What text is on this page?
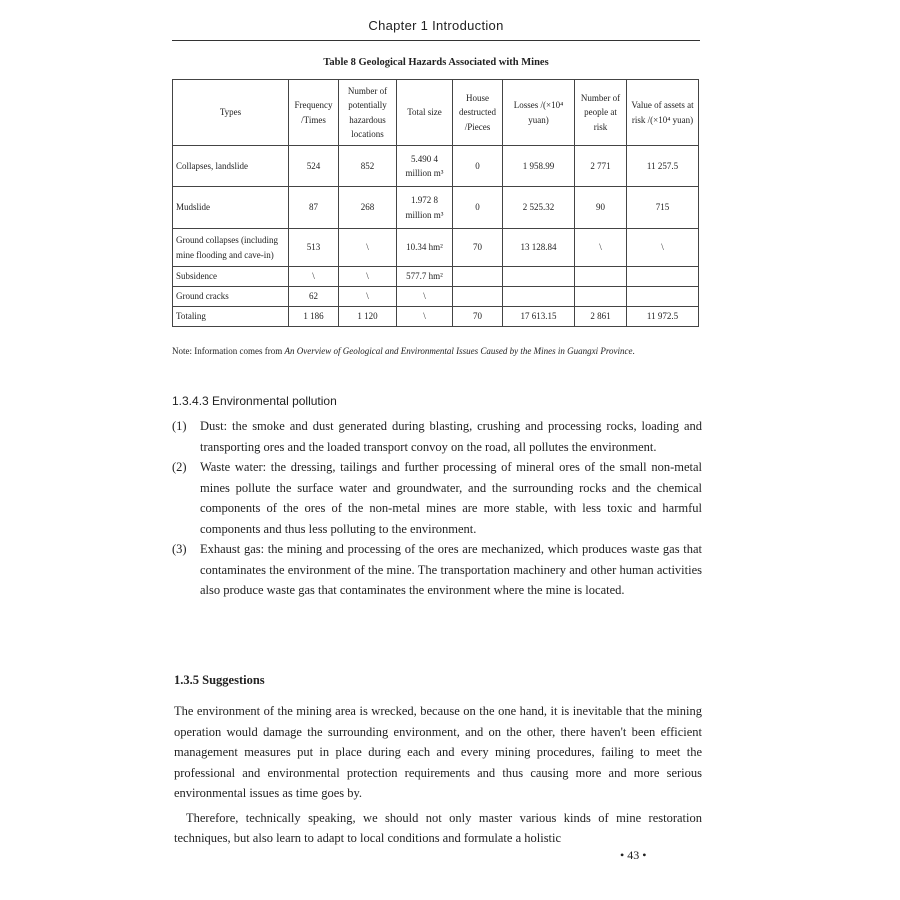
Chapter 1 Introduction
Table 8 Geological Hazards Associated with Mines
Types	Frequency /Times	Number of potentially hazardous locations	Total size	House destructed /Pieces	Losses /(×10⁴ yuan)	Number of people at risk	Value of assets at risk /(×10⁴ yuan)
Collapses, landslide	524	852	5.490 4 million m³	0	1 958.99	2 771	11 257.5
Mudslide	87	268	1.972 8 million m³	0	2 525.32	90	715
Ground collapses (including mine flooding and cave-in)	513	\	10.34 hm²	70	13 128.84	\	\
Subsidence	\	\	577.7 hm²				
Ground cracks	62	\	\				
Totaling	1 186	1 120	\	70	17 613.15	2 861	11 972.5
Note: Information comes from An Overview of Geological and Environmental Issues Caused by the Mines in Guangxi Province.
1.3.4.3 Environmental pollution
(1) Dust: the smoke and dust generated during blasting, crushing and processing rocks, loading and transporting ores and the loaded transport convoy on the road, all pollutes the environment.
(2) Waste water: the dressing, tailings and further processing of mineral ores of the small non-metal mines pollute the surface water and groundwater, and the surrounding rocks and the chemical components of the ores of the non-metal mines are more stable, with less toxic and harmful components and thus less polluting to the environment.
(3) Exhaust gas: the mining and processing of the ores are mechanized, which produces waste gas that contaminates the environment of the mine. The transportation machinery and other human activities also produce waste gas that contaminates the environment where the mine is located.
1.3.5 Suggestions

The environment of the mining area is wrecked, because on the one hand, it is inevitable that the mining operation would damage the surrounding environment, and on the other, there haven't been efficient management measures put in place during each and every mining procedures, failing to meet the professional and environmental protection requirements and thus causing more and more serious environmental issues as time goes by.

Therefore, technically speaking, we should not only master various kinds of mine restoration techniques, but also learn to adapt to local conditions and formulate a holistic

• 43 •
